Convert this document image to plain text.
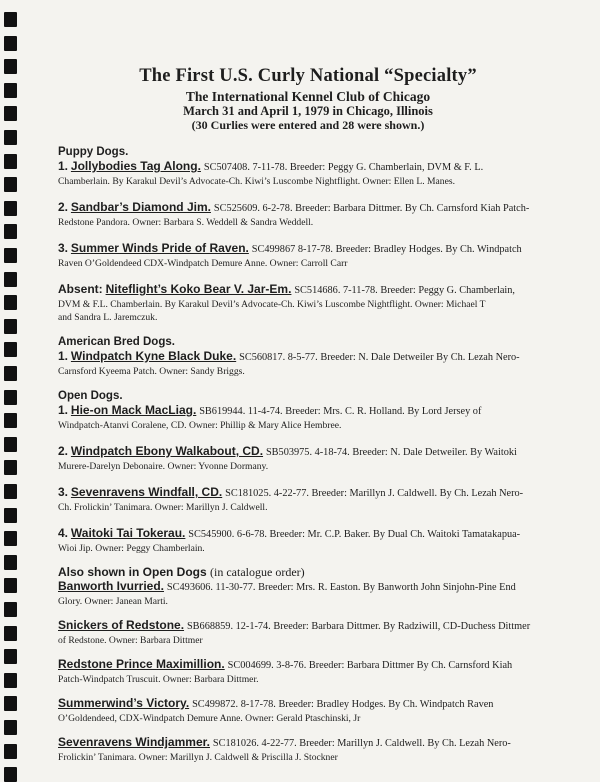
The First U.S. Curly National “Specialty”
The International Kennel Club of Chicago
March 31 and April 1, 1979 in Chicago, Illinois
(30 Curlies were entered and 28 were shown.)
Puppy Dogs.
1. Jollybodies Tag Along. SC507408. 7-11-78. Breeder: Peggy G. Chamberlain, DVM & F. L.
Chamberlain. By Karakul Devil’s Advocate-Ch. Kiwi’s Luscombe Nightflight. Owner: Ellen L. Manes.
2. Sandbar’s Diamond Jim. SC525609. 6-2-78. Breeder: Barbara Dittmer. By Ch. Carnsford Kiah Patch-
Redstone Pandora. Owner: Barbara S. Weddell & Sandra Weddell.
3. Summer Winds Pride of Raven. SC499867 8-17-78. Breeder: Bradley Hodges. By Ch. Windpatch
Raven O’Goldendeed CDX-Windpatch Demure Anne. Owner: Carroll Carr
Absent: Niteflight’s Koko Bear V. Jar-Em. SC514686. 7-11-78. Breeder: Peggy G. Chamberlain,
DVM & F.L. Chamberlain. By Karakul Devil’s Advocate-Ch. Kiwi’s Luscombe Nightflight. Owner: Michael T
and Sandra L. Jaremczuk.
American Bred Dogs.
1. Windpatch Kyne Black Duke. SC560817. 8-5-77. Breeder: N. Dale Detweiler By Ch. Lezah Nero-
Carnsford Kyeema Patch. Owner: Sandy Briggs.
Open Dogs.
1. Hie-on Mack MacLiag. SB619944. 11-4-74. Breeder: Mrs. C. R. Holland. By Lord Jersey of
Windpatch-Atanvi Coralene, CD. Owner: Phillip & Mary Alice Hembree.
2. Windpatch Ebony Walkabout, CD. SB503975. 4-18-74. Breeder: N. Dale Detweiler. By Waitoki
Murere-Darelyn Debonaire. Owner: Yvonne Dormany.
3. Sevenravens Windfall, CD. SC181025. 4-22-77. Breeder: Marillyn J. Caldwell. By Ch. Lezah Nero-
Ch. Frolickin’ Tanimara. Owner: Marillyn J. Caldwell.
4. Waitoki Tai Tokerau. SC545900. 6-6-78. Breeder: Mr. C.P. Baker. By Dual Ch. Waitoki Tamatakapua-
Wioi Jip. Owner: Peggy Chamberlain.
Also shown in Open Dogs (in catalogue order)
Banworth Ivurried. SC493606. 11-30-77. Breeder: Mrs. R. Easton. By Banworth John Sinjohn-Pine End
Glory. Owner: Janean Marti.
Snickers of Redstone. SB668859. 12-1-74. Breeder: Barbara Dittmer. By Radziwill, CD-Duchess Dittmer
of Redstone. Owner: Barbara Dittmer
Redstone Prince Maximillion. SC004699. 3-8-76. Breeder: Barbara Dittmer By Ch. Carnsford Kiah
Patch-Windpatch Truscuit. Owner: Barbara Dittmer.
Summerwind’s Victory. SC499872. 8-17-78. Breeder: Bradley Hodges. By Ch. Windpatch Raven
O’Goldendeed, CDX-Windpatch Demure Anne. Owner: Gerald Ptaschinski, Jr
Sevenravens Windjammer. SC181026. 4-22-77. Breeder: Marillyn J. Caldwell. By Ch. Lezah Nero-
Frolickin’ Tanimara. Owner: Marillyn J. Caldwell & Priscilla J. Stockner
